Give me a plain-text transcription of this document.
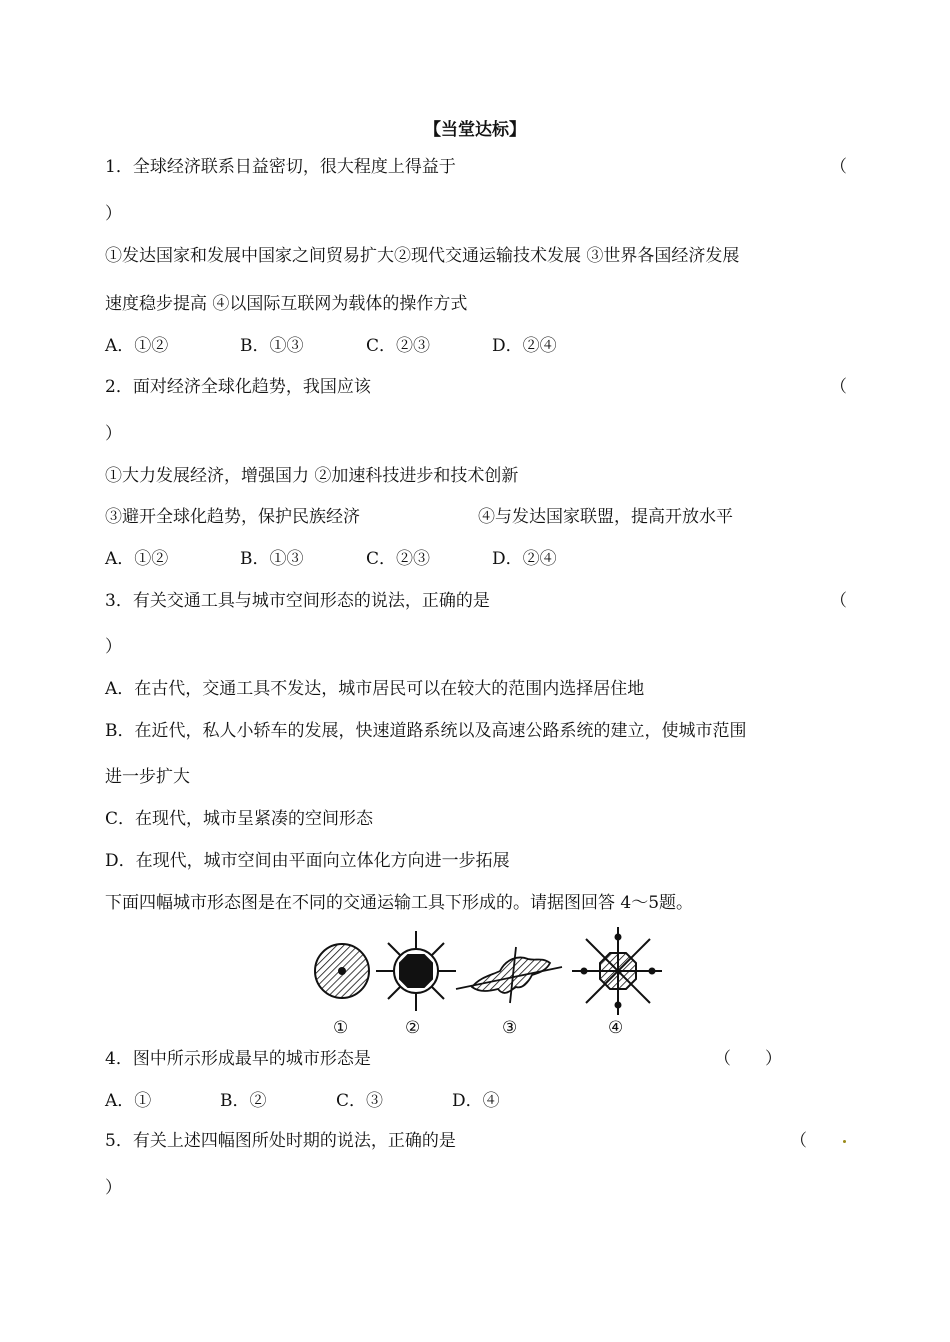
【当堂达标】
1．全球经济联系日益密切，很大程度上得益于	（
）
①发达国家和发展中国家之间贸易扩大②现代交通运输技术发展 ③世界各国经济发展
速度稳步提高 ④以国际互联网为载体的操作方式
A．①②	B．①③	C．②③	D．②④
2．面对经济全球化趋势，我国应该	（
）
①大力发展经济，增强国力 ②加速科技进步和技术创新
③避开全球化趋势，保护民族经济	④与发达国家联盟，提高开放水平
A．①②	B．①③	C．②③	D．②④
3．有关交通工具与城市空间形态的说法，正确的是	（
）
A．在古代，交通工具不发达，城市居民可以在较大的范围内选择居住地
B．在近代，私人小轿车的发展，快速道路系统以及高速公路系统的建立，使城市范围
进一步扩大
C．在现代，城市呈紧凑的空间形态
D．在现代，城市空间由平面向立体化方向进一步拓展
下面四幅城市形态图是在不同的交通运输工具下形成的。请据图回答 4～5题。
①	②	③	④
4．图中所示形成最早的城市形态是	（　　）
A．①	B．②	C．③	D．④
5．有关上述四幅图所处时期的说法，正确的是	（
）
